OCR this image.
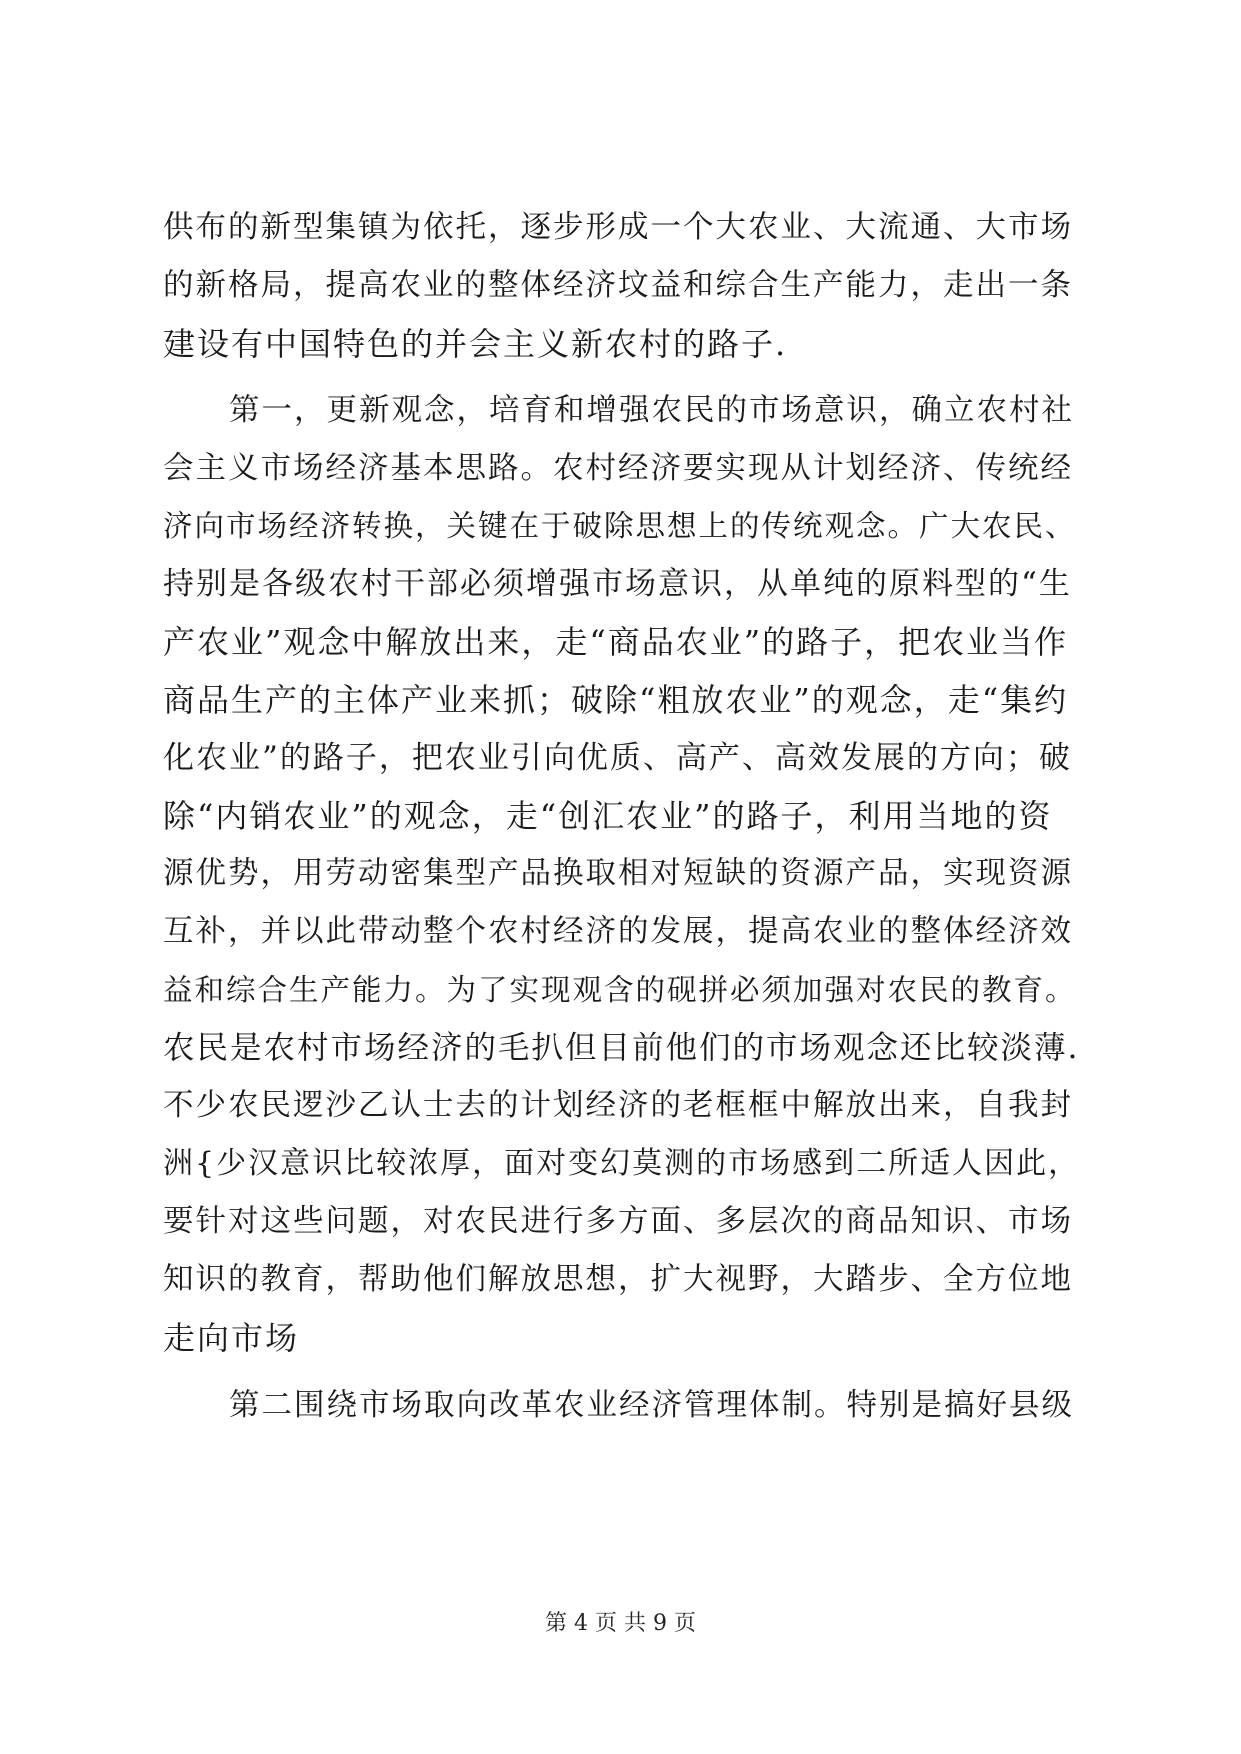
供布的新型集镇为依托，逐步形成一个大农业、大流通、大市场
的新格局，提高农业的整体经济坟益和综合生产能力，走出一条
建设有中国特色的并会主义新农村的路子.
第一，更新观念，培育和增强农民的市场意识，确立农村社
会主义市场经济基本思路。农村经济要实现从计划经济、传统经
济向市场经济转换，关键在于破除思想上的传统观念。广大农民、
持别是各级农村干部必须增强市场意识，从单纯的原料型的“生
产农业”观念中解放出来，走“商品农业”的路子，把农业当作
商品生产的主体产业来抓；破除“粗放农业”的观念，走“集约
化农业”的路子，把农业引向优质、高产、高效发展的方向；破
除“内销农业”的观念，走“创汇农业”的路子，利用当地的资
源优势，用劳动密集型产品换取相对短缺的资源产品，实现资源
互补，并以此带动整个农村经济的发展，提高农业的整体经济效
益和综合生产能力。为了实现观含的砚拼必须加强对农民的教育。
农民是农村市场经济的毛扒但目前他们的市场观念还比较淡薄.
不少农民逻沙乙认士去的计划经济的老框框中解放出来，自我封
洲{少汉意识比较浓厚，面对变幻莫测的市场感到二所适人因此，
要针对这些问题，对农民进行多方面、多层次的商品知识、市场
知识的教育，帮助他们解放思想，扩大视野，大踏步、全方位地
走向市场
第二围绕市场取向改革农业经济管理体制。特别是搞好县级
第 4 页 共 9 页
